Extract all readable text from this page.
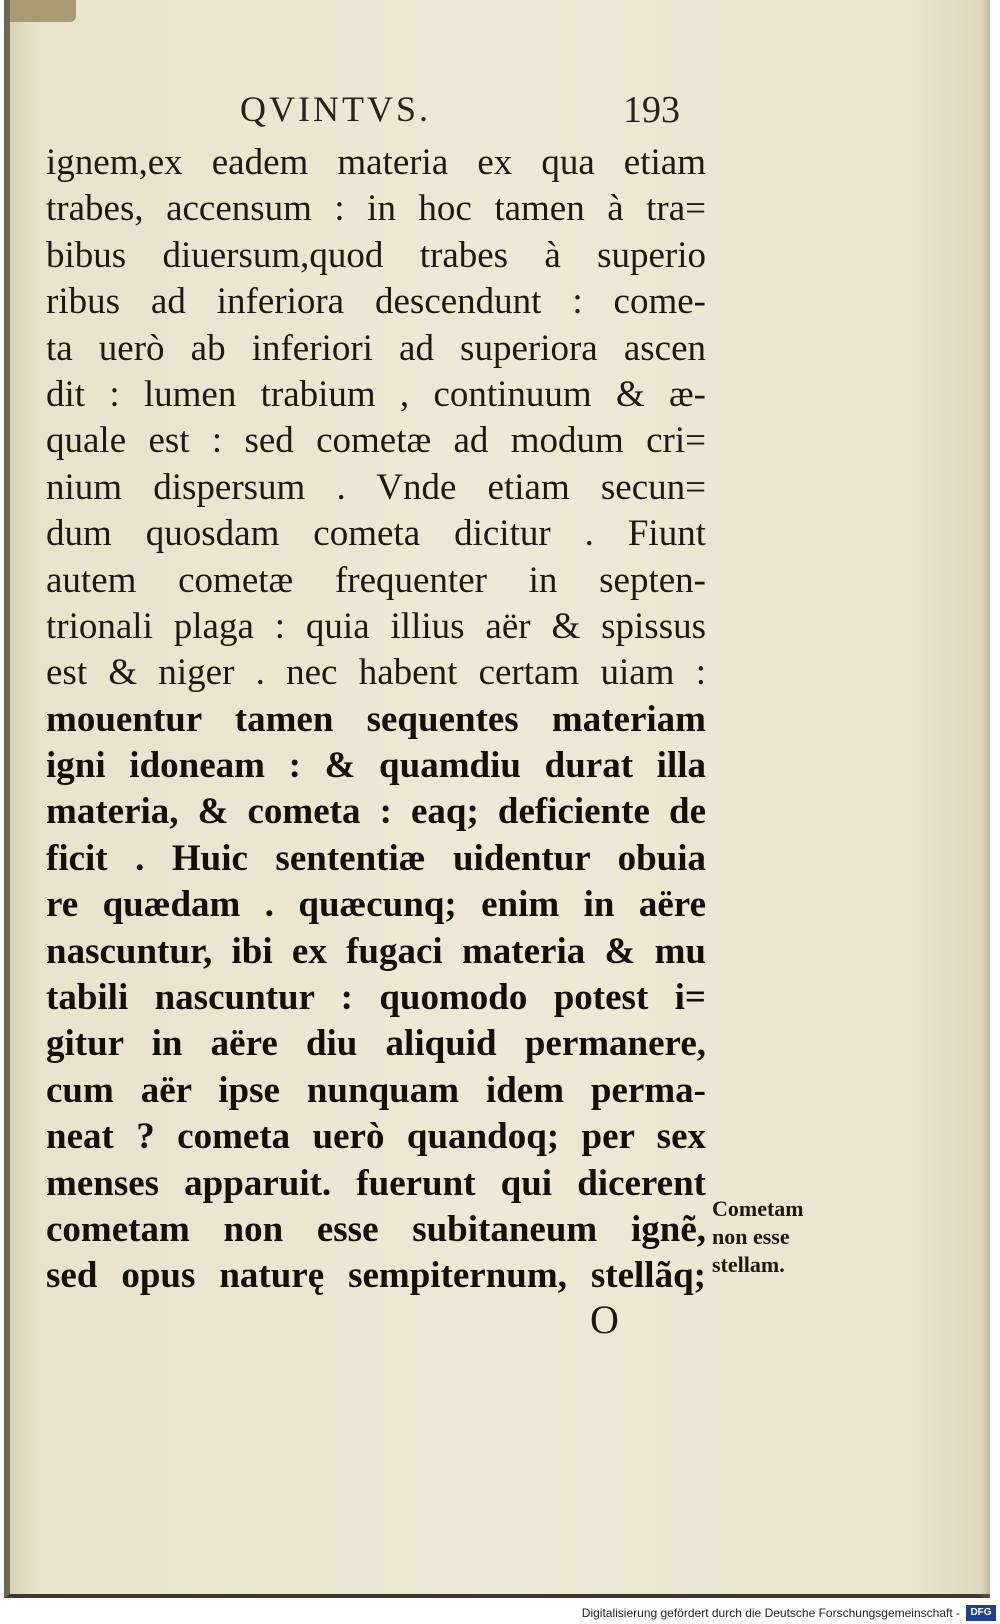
QVINTVS.	193
ignem,ex eadem materia ex qua etiam
trabes, accensum : in hoc tamen à tra=
bibus diuersum,quod trabes à superio
ribus ad inferiora descendunt : come-
ta uerò ab inferiori ad superiora ascen
dit : lumen trabium , continuum & æ-
quale est : sed cometæ ad modum cri=
nium dispersum . Vnde etiam secun=
dum quosdam cometa dicitur . Fiunt
autem cometæ frequenter in septen-
trionali plaga : quia illius aër & spissus
est & niger . nec habent certam uiam :
mouentur tamen sequentes materiam
igni idoneam : & quamdiu durat illa
materia, & cometa : eaq; deficiente de
ficit . Huic sententiæ uidentur obuia
re quædam . quæcunq; enim in aëre
nascuntur, ibi ex fugaci materia & mu
tabili nascuntur : quomodo potest i=
gitur in aëre diu aliquid permanere,
cum aër ipse nunquam idem perma-
neat ? cometa uerò quandoq; per sex
menses apparuit. fuerunt qui dicerent
cometam non esse subitaneum ignẽ,
sed opus naturę sempiternum, stellãq;
O
Cometam
non esse
stellam.
Digitalisierung gefördert durch die Deutsche Forschungsgemeinschaft -	DFG
